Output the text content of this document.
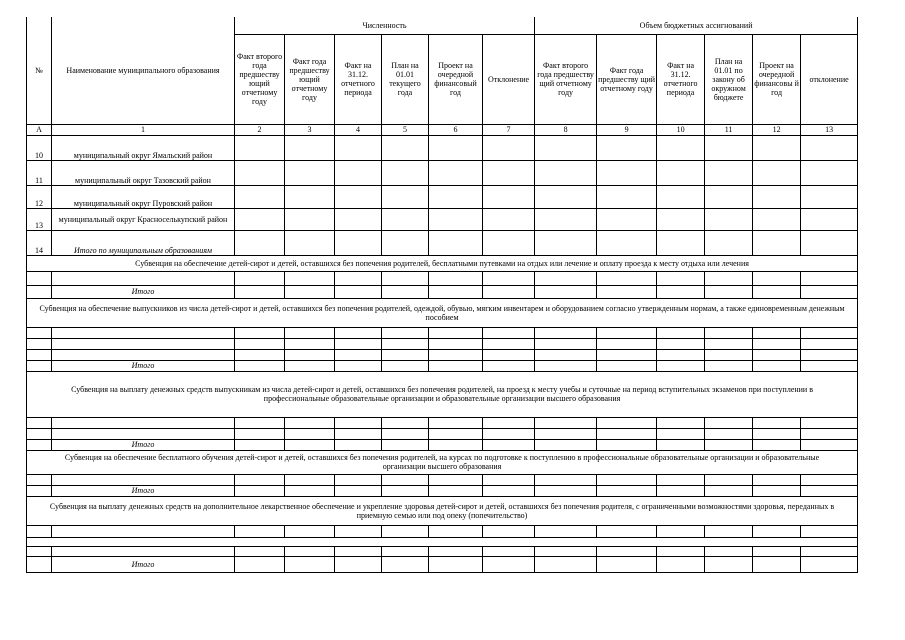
№	Наименование муниципального образования	Численность						Объем бюджетных ассигнований					
		Факт второго года предшеству ющий отчетному году	Факт года предшеству ющий отчетному году	Факт на 31.12. отчетного периода	План на 01.01 текущего года	Проект на очередной финансовый год	Отклонение	Факт второго года предшеству щий отчетному году	Факт года предшеству щий отчетному году	Факт на 31.12. отчетного периода	План на 01.01 по закону об окружном бюджете	Проект на очередной финансовы й год	отклонение
А	1	2	3	4	5	6	7	8	9	10	11	12	13
10	муниципальный округ Ямальский район												
11	муниципальный округ Тазовский район												
12	муниципальный округ Пуровский район												
13	муниципальный округ Красноселькупский район												
14	Итого по муниципальным образованиям												
Субвенция на обеспечение детей-сирот и детей, оставшихся без попечения родителей, бесплатными путевками на отдых или лечение и оплату проезда к месту отдыха или лечения													

	Итого												
Субвенция на обеспечение выпускников из числа детей-сирот и детей, оставшихся без попечения родителей, одеждой, обувью, мягким инвентарем и оборудованием согласно утвержденным нормам, а также единовременным денежным пособием													

	Итого												
Субвенция на выплату денежных средств выпускникам из числа детей-сирот и детей, оставшихся без попечения родителей, на проезд к месту учебы и суточные на период вступительных экзаменов при поступлении в профессиональные образовательные организации и образовательные организации высшего образования													

	Итого												
Субвенция на обеспечение бесплатного обучения детей-сирот и детей, оставшихся без попечения родителей, на курсах по подготовке к поступлению в профессиональные образовательные организации и образовательные организации высшего образования													

	Итого												
Субвенция на выплату денежных средств на дополнительное лекарственное обеспечение и укрепление здоровья детей-сирот и детей, оставшихся без попечения родителя, с ограниченными возможностями здоровья, переданных в приемную семью или под опеку (попечительство)													

	Итого												
